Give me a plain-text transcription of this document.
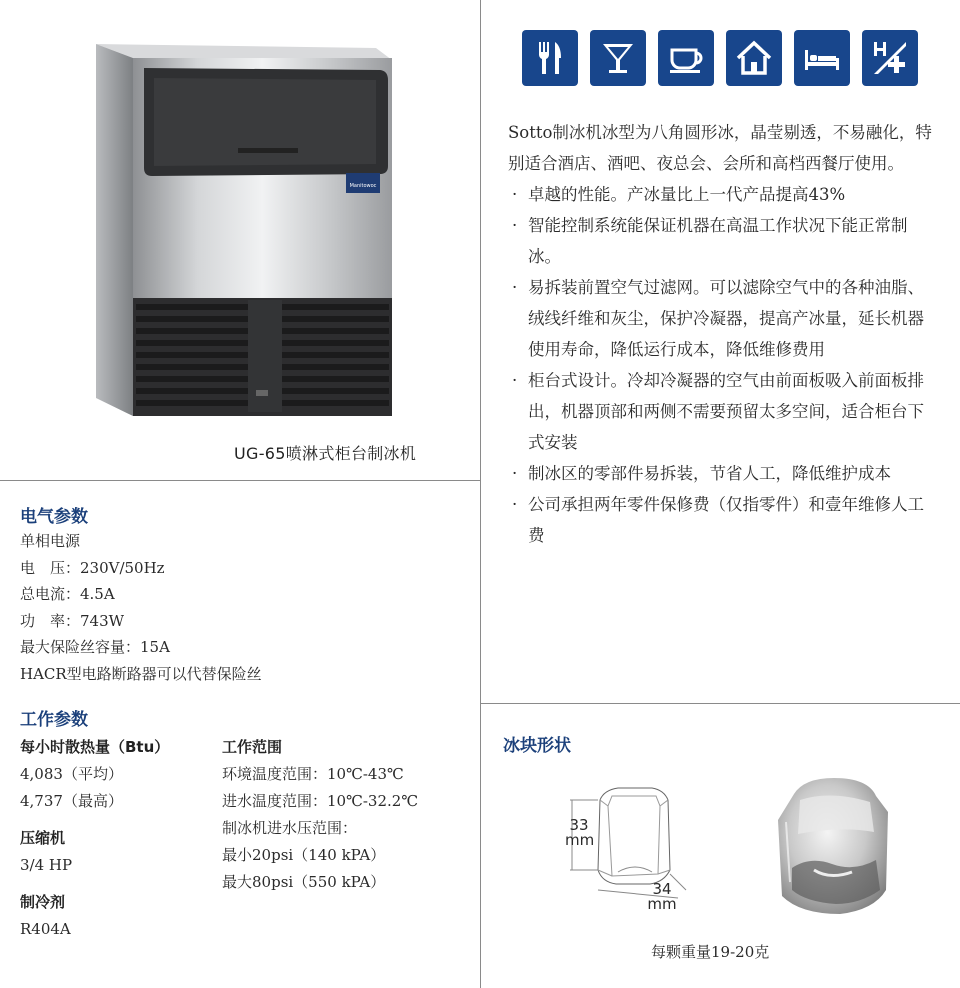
Manitowoc
UG-65喷淋式柜台制冰机

Sotto制冰机冰型为八角圆形冰，晶莹剔透，不易融化，特别适合酒店、酒吧、夜总会、会所和高档西餐厅使用。

· 卓越的性能。产冰量比上一代产品提高43%
· 智能控制系统能保证机器在高温工作状况下能正常制冰。
· 易拆装前置空气过滤网。可以滤除空气中的各种油脂、绒线纤维和灰尘，保护冷凝器，提高产冰量，延长机器使用寿命，降低运行成本，降低维修费用
· 柜台式设计。冷却冷凝器的空气由前面板吸入前面板排出，机器顶部和两侧不需要预留太多空间，适合柜台下式安装
· 制冰区的零部件易拆装，节省人工，降低维护成本
· 公司承担两年零件保修费（仅指零件）和壹年维修人工费
电气参数
单相电源
电　压：230V/50Hz
总电流：4.5A
功　率：743W
最大保险丝容量：15A
HACR型电路断路器可以代替保险丝
工作参数
每小时散热量（Btu）
4,083（平均）
4,737（最高）
压缩机
3/4 HP
制冷剂
R404A
工作范围
环境温度范围：10℃-43℃
进水温度范围：10℃-32.2℃
制冰机进水压范围：
最小20psi（140 kPA）
最大80psi（550 kPA）
冰块形状
33
mm
34
mm
每颗重量19-20克
